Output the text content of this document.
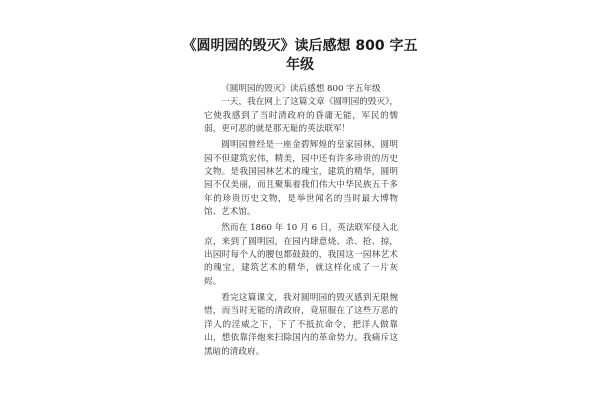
《圆明园的毁灭》读后感想 800 字五
年级

《圆明园的毁灭》读后感想 800 字五年级

一天，我在网上了这篇文章《圆明园的毁灭》，它使我感到了当时清政府的昏庸无能，军民的懦弱，更可恶的就是那无耻的英法联军！

圆明园曾经是一座金碧辉煌的皇家园林，圆明园不但建筑宏伟，精美，园中还有许多珍贵的历史文物。是我国园林艺术的瑰宝，建筑的精华，圆明园不仅美丽，而且聚集着我们伟大中华民族五千多年的珍贵历史文物，是举世闻名的当时最大博物馆、艺术馆。

然而在 1860 年 10 月 6 日，英法联军侵入北京，来到了圆明园，在园内肆意烧、杀、抢、掠，出园时每个人的腰包都鼓鼓的，我国这一园林艺术的瑰宝，建筑艺术的精华，就这样化成了一片灰烬。

看完这篇课文，我对圆明园的毁灭感到无限惋惜，而当时无能的清政府，竟屈服在了这些万恶的洋人的淫威之下，下了不抵抗命令，把洋人做靠山，想依靠洋炮来扫除国内的革命势力。我痛斥这黑暗的清政府。
